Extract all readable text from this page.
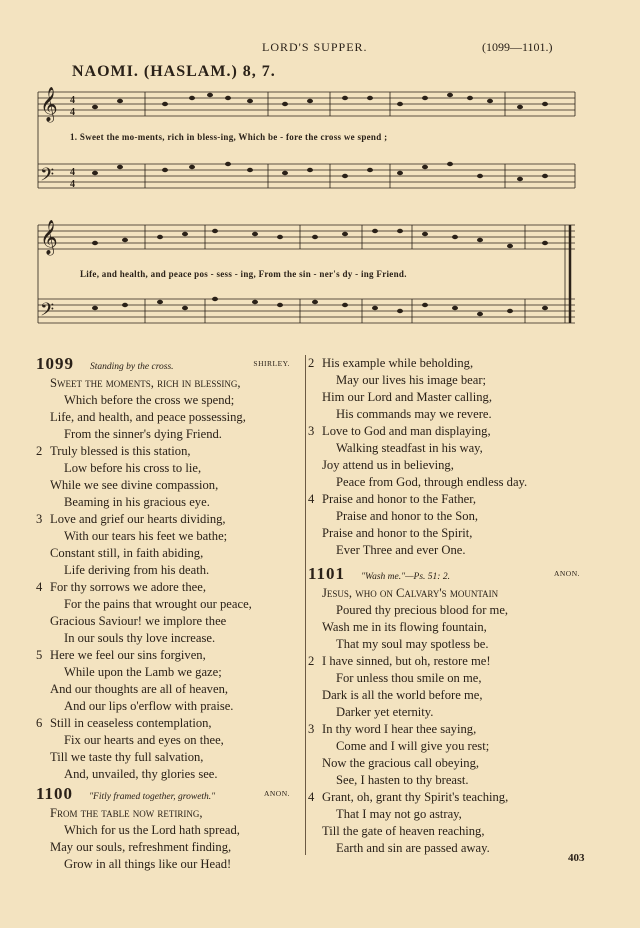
LORD'S SUPPER.	(1099—1101.)
NAOMI. (HASLAM.) 8, 7.
𝄞
𝄢
4
4
4
4
1. Sweet the mo-ments, rich in bless-ing, Which be - fore the cross we spend ;
𝄞
𝄢
Life, and health, and peace pos - sess - ing, From the sin - ner's dy - ing Friend.
1099 Standing by the cross.	SHIRLEY.
Sweet the moments, rich in blessing,
Which before the cross we spend;
Life, and health, and peace possessing,
From the sinner's dying Friend.
2 Truly blessed is this station,
Low before his cross to lie,
While we see divine compassion,
Beaming in his gracious eye.
3 Love and grief our hearts dividing,
With our tears his feet we bathe;
Constant still, in faith abiding,
Life deriving from his death.
4 For thy sorrows we adore thee,
For the pains that wrought our peace,
Gracious Saviour! we implore thee
In our souls thy love increase.
5 Here we feel our sins forgiven,
While upon the Lamb we gaze;
And our thoughts are all of heaven,
And our lips o'erflow with praise.
6 Still in ceaseless contemplation,
Fix our hearts and eyes on thee,
Till we taste thy full salvation,
And, unvailed, thy glories see.
1100 "Fitly framed together, groweth."	ANON.
From the table now retiring,
Which for us the Lord hath spread,
May our souls, refreshment finding,
Grow in all things like our Head!
2 His example while beholding,
May our lives his image bear;
Him our Lord and Master calling,
His commands may we revere.
3 Love to God and man displaying,
Walking steadfast in his way,
Joy attend us in believing,
Peace from God, through endless day.
4 Praise and honor to the Father,
Praise and honor to the Son,
Praise and honor to the Spirit,
Ever Three and ever One.
1101 "Wash me."—Ps. 51: 2.	ANON.
Jesus, who on Calvary's mountain
Poured thy precious blood for me,
Wash me in its flowing fountain,
That my soul may spotless be.
2 I have sinned, but oh, restore me!
For unless thou smile on me,
Dark is all the world before me,
Darker yet eternity.
3 In thy word I hear thee saying,
Come and I will give you rest;
Now the gracious call obeying,
See, I hasten to thy breast.
4 Grant, oh, grant thy Spirit's teaching,
That I may not go astray,
Till the gate of heaven reaching,
Earth and sin are passed away.
403
